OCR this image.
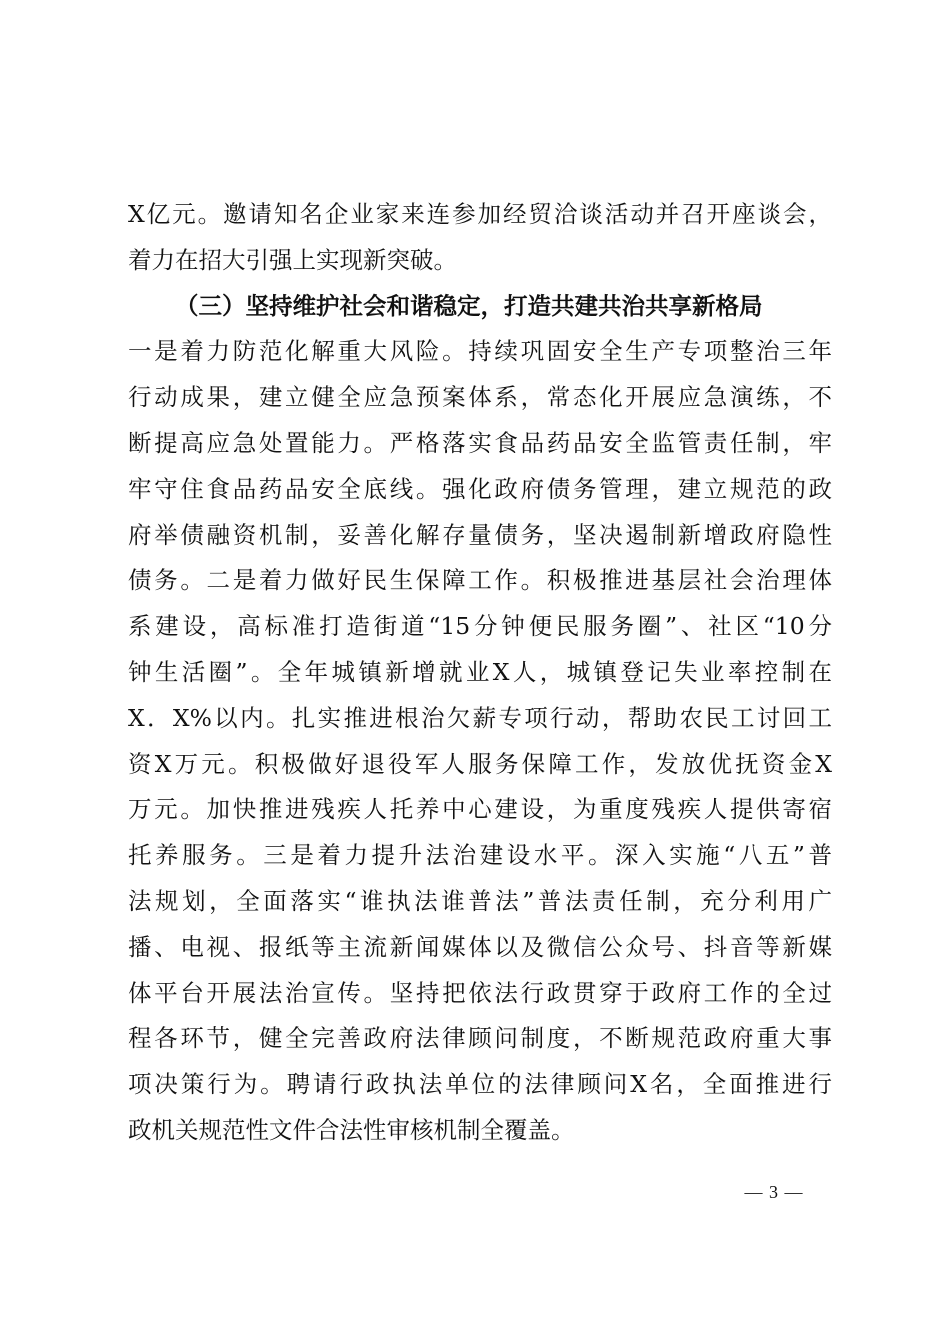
X亿元。邀请知名企业家来连参加经贸洽谈活动并召开座谈会，
着力在招大引强上实现新突破。
（三）坚持维护社会和谐稳定，打造共建共治共享新格局
一是着力防范化解重大风险。持续巩固安全生产专项整治三年
行动成果，建立健全应急预案体系，常态化开展应急演练，不
断提高应急处置能力。严格落实食品药品安全监管责任制，牢
牢守住食品药品安全底线。强化政府债务管理，建立规范的政
府举债融资机制，妥善化解存量债务，坚决遏制新增政府隐性
债务。二是着力做好民生保障工作。积极推进基层社会治理体
系建设，高标准打造街道“15分钟便民服务圈”、社区“10分
钟生活圈”。全年城镇新增就业X人，城镇登记失业率控制在
X．X%以内。扎实推进根治欠薪专项行动，帮助农民工讨回工
资X万元。积极做好退役军人服务保障工作，发放优抚资金X
万元。加快推进残疾人托养中心建设，为重度残疾人提供寄宿
托养服务。三是着力提升法治建设水平。深入实施“八五”普
法规划，全面落实“谁执法谁普法”普法责任制，充分利用广
播、电视、报纸等主流新闻媒体以及微信公众号、抖音等新媒
体平台开展法治宣传。坚持把依法行政贯穿于政府工作的全过
程各环节，健全完善政府法律顾问制度，不断规范政府重大事
项决策行为。聘请行政执法单位的法律顾问X名，全面推进行
政机关规范性文件合法性审核机制全覆盖。
— 3 —
